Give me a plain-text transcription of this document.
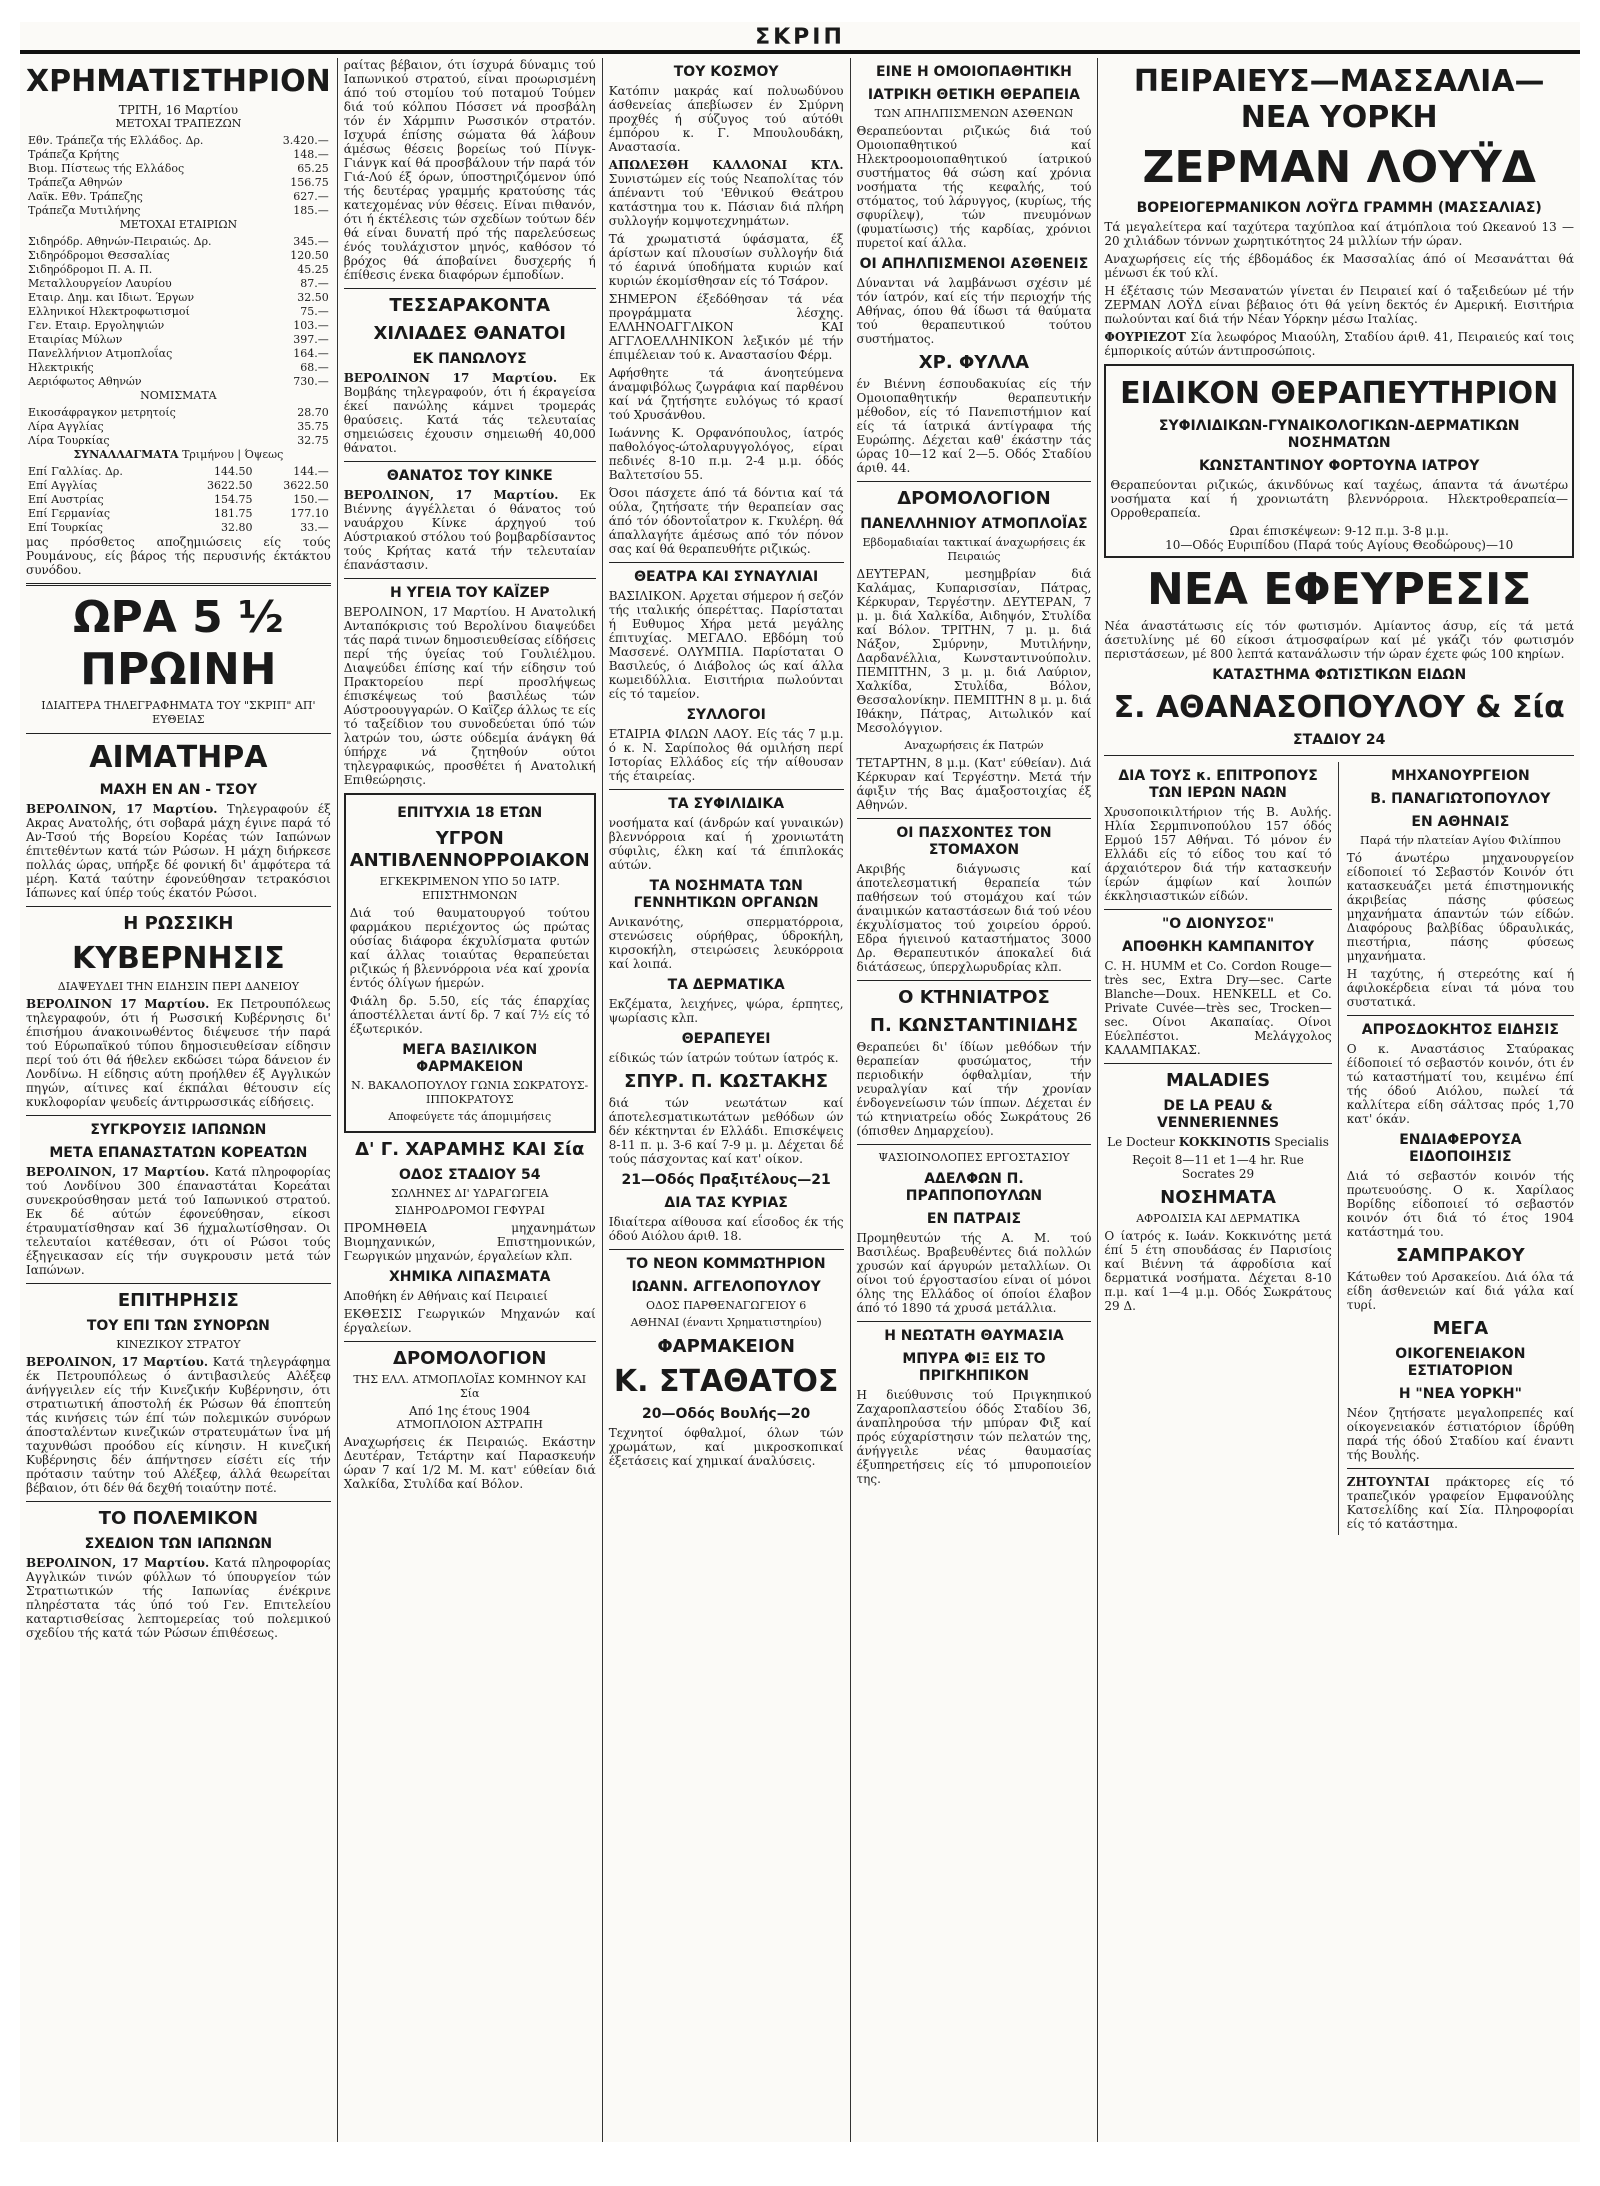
ΣΚΡΙΠ
ΧΡΗΜΑΤΙΣΤΗΡΙΟΝ
ΤΡΙΤΗ, 16 Μαρτίου
ΜΕΤΟΧΑΙ ΤΡΑΠΕΖΩΝ
Εθν. Τράπεζα τής Ελλάδος. Δρ.	3.420.—
Τράπεζα Κρήτης	148.—
Βιομ. Πίστεως τής Ελλάδος	65.25
Τράπεζα Αθηνών	156.75
Λαϊκ. Εθν. Τράπεζης	627.—
Τράπεζα Μυτιλήνης	185.—
ΜΕΤΟΧΑΙ ΕΤΑΙΡΙΩΝ
Σιδηρόδρ. Αθηνών-Πειραιώς. Δρ.	345.—
Σιδηρόδρομοι Θεσσαλίας	120.50
Σιδηρόδρομοι Π. Α. Π.	45.25
Μεταλλουργείον Λαυρίου	87.—
Εταιρ. Δημ. και Ιδιωτ. Έργων	32.50
Ελληνικοί Ηλεκτροφωτισμοί	75.—
Γεν. Εταιρ. Εργοληψιών	103.—
Εταιρίας Μύλων	397.—
Πανελλήνιον Ατμοπλοΐας	164.—
Ηλεκτρικής	68.—
Αεριόφωτος Αθηνών	730.—
ΝΟΜΙΣΜΑΤΑ
Εικοσάφραγκον μετρητοίς	28.70
Λίρα Αγγλίας	35.75
Λίρα Τουρκίας	32.75
ΣΥΝΑΛΛΑΓΜΑΤΑ Τριμήνου | Όψεως
Επί Γαλλίας. Δρ.	144.50	144.—
Επί Αγγλίας	3622.50	3622.50
Επί Αυστρίας	154.75	150.—
Επί Γερμανίας	181.75	177.10
Επί Τουρκίας	32.80	33.—

μας πρόσθετος αποζημιώσεις είς τούς Ρουμάνους, είς βάρος τής περυσινής έκτάκτου συνόδου.

ΩΡΑ 5 ½ ΠΡΩΙΝΗ
ΙΔΙΑΙΤΕΡΑ ΤΗΛΕΓΡΑΦΗΜΑΤΑ ΤΟΥ "ΣΚΡΙΠ" ΑΠ' ΕΥΘΕΙΑΣ
ΑΙΜΑΤΗΡΑ
ΜΑΧΗ ΕΝ ΑΝ - ΤΣΟΥ

ΒΕΡΟΛΙΝΟΝ, 17 Μαρτίου. Τηλεγραφούν έξ Ακρας Ανατολής, ότι σοβαρά μάχη έγινε παρά τό Αν-Τσού τής Βορείου Κορέας τών Ιαπώνων έπιτεθέντων κατά τών Ρώσων. Η μάχη διήρκεσε πολλάς ώρας, υπήρξε δέ φονική δι' άμφότερα τά μέρη. Κατά ταύτην έφονεύθησαν τετρακόσιοι Ιάπωνες καί ύπέρ τούς έκατόν Ρώσοι.

Η ΡΩΣΣΙΚΗ
ΚΥΒΕΡΝΗΣΙΣ
ΔΙΑΨΕΥΔΕΙ ΤΗΝ ΕΙΔΗΣΙΝ ΠΕΡΙ ΔΑΝΕΙΟΥ

ΒΕΡΟΛΙΝΟΝ 17 Μαρτίου. Εκ Πετρουπόλεως τηλεγραφούν, ότι ή Ρωσσική Κυβέρνησις δι' έπισήμου άνακοινωθέντος διέψευσε τήν παρά τού Εύρωπαϊκού τύπου δημοσιευθείσαν είδησιν περί τού ότι θά ήθελεν εκδώσει τώρα δάνειον έν Λονδίνω. Η είδησις αύτη προήλθεν έξ Αγγλικών πηγών, αίτινες καί έκπάλαι θέτουσιν είς κυκλοφορίαν ψευδείς άντιρρωσσικάς είδήσεις.

ΣΥΓΚΡΟΥΣΙΣ ΙΑΠΩΝΩΝ
ΜΕΤΑ ΕΠΑΝΑΣΤΑΤΩΝ ΚΟΡΕΑΤΩΝ

ΒΕΡΟΛΙΝΟΝ, 17 Μαρτίου. Κατά πληροφορίας τού Λονδίνου 300 έπαναστάται Κορεάται συνεκρούσθησαν μετά τού Ιαπωνικού στρατού. Εκ δέ αύτών έφονεύθησαν, είκοσι έτραυματίσθησαν καί 36 ήχμαλωτίσθησαν. Οι τελευταίοι κατέθεσαν, ότι οί Ρώσοι τούς έξηγεικασαν είς τήν συγκρουσιν μετά τών Ιαπώνων.

ΕΠΙΤΗΡΗΣΙΣ
ΤΟΥ ΕΠΙ ΤΩΝ ΣΥΝΟΡΩΝ
ΚΙΝΕΖΙΚΟΥ ΣΤΡΑΤΟΥ

ΒΕΡΟΛΙΝΟΝ, 17 Μαρτίου. Κατά τηλεγράφημα έκ Πετρουπόλεως ό άντιβασιλεύς Αλέξεφ άνήγγειλεν είς τήν Κινεζικήν Κυβέρνησιν, ότι στρατιωτική άποστολή έκ Ρώσων θά έποπτεύη τάς κινήσεις τών έπί τών πολεμικών συνόρων άποσταλέντων κινεζικών στρατευμάτων ΐνα μή ταχυνθώσι προόδου είς κίνησιν. Η κινεζική Κυβέρνησις δέν άπήντησεν είσέτι είς τήν πρότασιν ταύτην τού Αλέξεφ, άλλά θεωρείται βέβαιον, ότι δέν θά δεχθή τοιαύτην ποτέ.

ΤΟ ΠΟΛΕΜΙΚΟΝ
ΣΧΕΔΙΟΝ ΤΩΝ ΙΑΠΩΝΩΝ

ΒΕΡΟΛΙΝΟΝ, 17 Μαρτίου. Κατά πληροφορίας Αγγλικών τινών φύλλων τό ύπουργείον τών Στρατιωτικών τής Ιαπωνίας ένέκρινε πληρέστατα τάς ύπό τού Γεν. Επιτελείου καταρτισθείσας λεπτομερείας τού πολεμικού σχεδίου τής κατά τών Ρώσων έπιθέσεως.

ραίτας βέβαιον, ότι ίσχυρά δύναμις τού Ιαπωνικού στρατού, είναι προωρισμένη άπό τού στομίου τού ποταμού Τούμεν διά τού κόλπου Πόσσετ νά προσβάλη τόν έν Χάρμπιν Ρωσσικόν στρατόν. Ισχυρά έπίσης σώματα θά λάβουν άμέσως θέσεις βορείως τού Πίνγκ-Γιάνγκ καί θά προσβάλουν τήν παρά τόν Γιά-Λού έξ όρων, ύποστηριζόμενον ύπό τής δευτέρας γραμμής κρατούσης τάς κατεχομένας νύν θέσεις. Είναι πιθανόν, ότι ή έκτέλεσις τών σχεδίων τούτων δέν θά είναι δυνατή πρό τής παρελεύσεως ένός τουλάχιστον μηνός, καθόσον τό βρόχος θά άποβαίνει δυσχερής ή έπίθεσις ένεκα διαφόρων έμποδίων.

ΤΕΣΣΑΡΑΚΟΝΤΑ
ΧΙΛΙΑΔΕΣ ΘΑΝΑΤΟΙ
ΕΚ ΠΑΝΩΛΟΥΣ

ΒΕΡΟΛΙΝΟΝ 17 Μαρτίου. Εκ Βομβάης τηλεγραφούν, ότι ή έκραγείσα έκεί πανώλης κάμνει τρομεράς θραύσεις. Κατά τάς τελευταίας σημειώσεις έχουσιν σημειωθή 40,000 θάνατοι.

ΘΑΝΑΤΟΣ ΤΟΥ ΚΙΝΚΕ

ΒΕΡΟΛΙΝΟΝ, 17 Μαρτίου. Εκ Βιέννης άγγέλλεται ό θάνατος τού ναυάρχου Κίνκε άρχηγού τού Αύστριακού στόλου τού βομβαρδίσαντος τούς Κρήτας κατά τήν τελευταίαν έπανάστασιν.

Η ΥΓΕΙΑ ΤΟΥ ΚΑΪΖΕΡ

ΒΕΡΟΛΙΝΟΝ, 17 Μαρτίου. Η Ανατολική Ανταπόκρισις τού Βερολίνου διαψεύδει τάς παρά τινων δημοσιευθείσας είδήσεις περί τής ύγείας τού Γουλιέλμου. Διαψεύδει έπίσης καί τήν είδησιν τού Πρακτορείου περί προσλήψεως έπισκέψεως τού βασιλέως τών Αύστροουγγαρών. Ο Καϊζερ άλλως τε είς τό ταξείδιον του συνοδεύεται ύπό τών λατρών του, ώστε ούδεμία άνάγκη θά ύπήρχε νά ζητηθούν ούτοι τηλεγραφικώς, προσθέτει ή Ανατολική Επιθεώρησις.

ΕΠΙΤΥΧΙΑ 18 ΕΤΩΝ
ΥΓΡΟΝ ΑΝΤΙΒΛΕΝΝΟΡΡΟΙΑΚΟΝ
ΕΓΚΕΚΡΙΜΕΝΟΝ ΥΠΟ 50 ΙΑΤΡ. ΕΠΙΣΤΗΜΟΝΩΝ

Διά τού θαυματουργού τούτου φαρμάκου περιέχοντος ώς πρώτας ούσίας διάφορα έκχυλίσματα φυτών καί άλλας τοιαύτας θεραπεύεται ριζικώς ή βλεννόρροια νέα καί χρονία έντός όλίγων ήμερών.

Φιάλη δρ. 5.50, είς τάς έπαρχίας άποστέλλεται άντί δρ. 7 καί 7½ είς τό έξωτερικόν.

ΜΕΓΑ ΒΑΣΙΛΙΚΟΝ ΦΑΡΜΑΚΕΙΟΝ
Ν. ΒΑΚΑΛΟΠΟΥΛΟΥ ΓΩΝΙΑ ΣΩΚΡΑΤΟΥΣ-ΙΠΠΟΚΡΑΤΟΥΣ
Αποφεύγετε τάς άπομιμήσεις
Δ' Γ. ΧΑΡΑΜΗΣ ΚΑΙ Σία
ΟΔΟΣ ΣΤΑΔΙΟΥ 54
ΣΩΛΗΝΕΣ ΔΙ' ΥΔΡΑΓΩΓΕΙΑ
ΣΙΔΗΡΟΔΡΟΜΟΙ ΓΕΦΥΡΑΙ

ΠΡΟΜΗΘΕΙΑ μηχανημάτων Βιομηχανικών, Επιστημονικών, Γεωργικών μηχανών, έργαλείων κλπ.

ΧΗΜΙΚΑ ΛΙΠΑΣΜΑΤΑ

Αποθήκη έν Αθήναις καί Πειραιεί

ΕΚΘΕΣΙΣ Γεωργικών Μηχανών καί έργαλείων.

ΔΡΟΜΟΛΟΓΙΟΝ
ΤΗΣ ΕΛΛ. ΑΤΜΟΠΛΟΪΑΣ ΚΟΜΗΝΟΥ ΚΑΙ Σία
Από 1ης έτους 1904
ΑΤΜΟΠΛΟΙΟΝ ΑΣΤΡΑΠΗ

Αναχωρήσεις έκ Πειραιώς. Εκάστην Δευτέραν, Τετάρτην καί Παρασκευήν ώραν 7 καί 1/2 Μ. Μ. κατ' εύθείαν διά Χαλκίδα, Στυλίδα καί Βόλον.

ΤΟΥ ΚΟΣΜΟΥ

Κατόπιν μακράς καί πολυωδύνου άσθενείας άπεβίωσεν έν Σμύρνη προχθές ή σύζυγος τού αύτόθι έμπόρου κ. Γ. Μπουλουδάκη, Αναστασία.

ΑΠΩΛΕΣΘΗ ΚΑΛΛΟΝΑΙ ΚΤΛ. Συνιστώμεν είς τούς Νεαπολίτας τόν άπέναντι τού 'Εθνικού Θεάτρου κατάστημα του κ. Πάσιαν διά πλήρη συλλογήν κομψοτεχνημάτων.

Τά χρωματιστά ύφάσματα, έξ άρίστων καί πλουσίων συλλογήν διά τό έαρινά ύποδήματα κυριών καί κυριών έκομίσθησαν είς τό Τσάρον.

ΣΗΜΕΡΟΝ έξεδόθησαν τά νέα προγράμματα λέσχης. ΕΛΛΗΝΟΑΓΓΛΙΚΟΝ ΚΑΙ ΑΓΓΛΟΕΛΛΗΝΙΚΟΝ λεξικόν μέ τήν έπιμέλειαν τού κ. Αναστασίου Φέρμ.

Αφήσθητε τά άνοητεύμενα άναμφιβόλως ζωγράφια καί παρθένου καί νά ζητήσητε ευλόγως τό κρασί τού Χρυσάνθου.

Ιωάννης Κ. Ορφανόπουλος, ίατρός παθολόγος-ώτολαρυγγολόγος, είραι πεδινές 8-10 π.μ. 2-4 μ.μ. όδός Βαλτετσίου 55.

Όσοι πάσχετε άπό τά δόντια καί τά ούλα, ζητήσατε τήν θεραπείαν σας άπό τόν όδοντοΐατρον κ. Γκυλέρη. θά άπαλλαγήτε άμέσως από τόν πόνον σας καί θά θεραπευθήτε ριζικώς.

ΘΕΑΤΡΑ ΚΑΙ ΣΥΝΑΥΛΙΑΙ

ΒΑΣΙΛΙΚΟΝ. Αρχεται σήμερον ή σεζόν τής ιταλικής όπερέττας. Παρίσταται ή Ευθυμος Χήρα μετά μεγάλης έπιτυχίας. ΜΕΓΑΛΟ. Εβδόμη τού Μασσενέ. ΟΛΥΜΠΙΑ. Παρίσταται Ο Βασιλεύς, ό Διάβολος ώς καί άλλα κωμειδύλλια. Εισιτήρια πωλούνται είς τό ταμείον.

ΣΥΛΛΟΓΟΙ

ΕΤΑΙΡΙΑ ΦΙΛΩΝ ΛΑΟΥ. Είς τάς 7 μ.μ. ό κ. Ν. Σαρίπολος θά ομιλήση περί Ιστορίας Ελλάδος είς τήν αίθουσαν τής έταιρείας.

ΤΑ ΣΥΦΙΛΙΔΙΚΑ

νοσήματα καί (άνδρών καί γυναικών) βλεννόρροια καί ή χρονιωτάτη σύφιλις, έλκη καί τά έπιπλοκάς αύτών.

ΤΑ ΝΟΣΗΜΑΤΑ ΤΩΝ ΓΕΝΝΗΤΙΚΩΝ ΟΡΓΑΝΩΝ

Ανικανότης, σπερματόρροια, στενώσεις ούρήθρας, ύδροκήλη, κιρσοκήλη, στειρώσεις λευκόρροια καί λοιπά.

ΤΑ ΔΕΡΜΑΤΙΚΑ

Εκζέματα, λειχήνες, ψώρα, έρπητες, ψωρίασις κλπ.

ΘΕΡΑΠΕΥΕΙ

είδικώς τών ίατρών τούτων ίατρός κ.

ΣΠΥΡ. Π. ΚΩΣΤΑΚΗΣ

διά τών νεωτάτων καί άποτελεσματικωτάτων μεθόδων ών δέν κέκτηνται έν Ελλάδι. Επισκέψεις 8-11 π. μ. 3-6 καί 7-9 μ. μ. Δέχεται δέ τούς πάσχοντας καί κατ' οίκον.

21—Οδός Πραξιτέλους—21
ΔΙΑ ΤΑΣ ΚΥΡΙΑΣ

Ιδιαίτερα αίθουσα καί εΐσοδος έκ τής όδού Αιόλου άριθ. 18.

ΤΟ ΝΕΟΝ ΚΟΜΜΩΤΗΡΙΟΝ
ΙΩΑΝΝ. ΑΓΓΕΛΟΠΟΥΛΟΥ
ΟΔΟΣ ΠΑΡΘΕΝΑΓΩΓΕΙΟΥ 6
ΑΘΗΝΑΙ (έναντι Χρηματιστηρίου)
ΦΑΡΜΑΚΕΙΟΝ
Κ. ΣΤΑΘΑΤΟΣ
20—Οδός Βουλής—20

Τεχνητοί όφθαλμοί, όλων τών χρωμάτων, καί μικροσκοπικαί έξετάσεις καί χημικαί άναλύσεις.

ΕΙΝΕ Η ΟΜΟΙΟΠΑΘΗΤΙΚΗ
ΙΑΤΡΙΚΗ ΘΕΤΙΚΗ ΘΕΡΑΠΕΙΑ
ΤΩΝ ΑΠΗΛΠΙΣΜΕΝΩΝ ΑΣΘΕΝΩΝ

Θεραπεύονται ριζικώς διά τού Ομοιοπαθητικού καί Ηλεκτροομοιοπαθητικού ίατρικού συστήματος θά σώση καί χρόνια νοσήματα τής κεφαλής, τού στόματος, τού λάρυγγος, (κυρίως, τής σφυρίλεψ), τών πνευμόνων (φυματίωσις) τής καρδίας, χρόνιοι πυρετοί καί άλλα.

ΟΙ ΑΠΗΛΠΙΣΜΕΝΟΙ ΑΣΘΕΝΕΙΣ

Δύνανται νά λαμβάνωσι σχέσιν μέ τόν ίατρόν, καί είς τήν περιοχήν τής Αθήνας, όπου θά ίδωσι τά θαύματα τού θεραπευτικού τούτου συστήματος.

ΧΡ. ΦΥΛΛΑ

έν Βιέννη έσπουδακυίας είς τήν Ομοιοπαθητικήν θεραπευτικήν μέθοδον, είς τό Πανεπιστήμιον καί είς τά ίατρικά άντίγραφα τής Ευρώπης. Δέχεται καθ' έκάστην τάς ώρας 10—12 καί 2—5. Οδός Σταδίου άριθ. 44.

ΔΡΟΜΟΛΟΓΙΟΝ
ΠΑΝΕΛΛΗΝΙΟΥ ΑΤΜΟΠΛΟΪΑΣ
Εβδομαδιαίαι τακτικαί άναχωρήσεις έκ Πειραιώς

ΔΕΥΤΕΡΑΝ, μεσημβρίαν διά Καλάμας, Κυπαρισσίαν, Πάτρας, Κέρκυραν, Τεργέστην. ΔΕΥΤΕΡΑΝ, 7 μ. μ. διά Χαλκίδα, Αιδηψόν, Στυλίδα καί Βόλον. ΤΡΙΤΗΝ, 7 μ. μ. διά Νάξον, Σμύρνην, Μυτιλήνην, Δαρδανέλλια, Κωνσταντινούπολιν. ΠΕΜΠΤΗΝ, 3 μ. μ. διά Λαύριον, Χαλκίδα, Στυλίδα, Βόλον, Θεσσαλονίκην. ΠΕΜΠΤΗΝ 8 μ. μ. διά Ιθάκην, Πάτρας, Αιτωλικόν καί Μεσολόγγιον.

Αναχωρήσεις έκ Πατρών

ΤΕΤΑΡΤΗΝ, 8 μ.μ. (Κατ' εύθείαν). Διά Κέρκυραν καί Τεργέστην. Μετά τήν άφιξιν τής Βας άμαξοστοιχίας έξ Αθηνών.

ΟΙ ΠΑΣΧΟΝΤΕΣ ΤΟΝ ΣΤΟΜΑΧΟΝ

Ακριβής διάγνωσις καί άποτελεσματική θεραπεία τών παθήσεων τού στομάχου καί τών άναιμικών καταστάσεων διά τού νέου έκχυλίσματος τού χοιρείου όρρού. Εδρα ήγιεινού καταστήματος 3000 Δρ. Θεραπευτικόν άποκαλεί διά διάτάσεως, ύπερχλωρυδρίας κλπ.

Ο ΚΤΗΝΙΑΤΡΟΣ
Π. ΚΩΝΣΤΑΝΤΙΝΙΔΗΣ

Θεραπεύει δι' ίδίων μεθόδων τήν θεραπείαν φυσώματος, τήν περιοδικήν όφθαλμίαν, τήν νευραλγίαν καί τήν χρονίαν ένδογενείωσιν τών ίππων. Δέχεται έν τώ κτηνιατρείω οδός Σωκράτους 26 (όπισθεν Δημαρχείου).

ΨΑΣΙΟΙΝΟΛΟΠΕΣ ΕΡΓΟΣΤΑΣΙΟΥ
ΑΔΕΛΦΩΝ Π. ΠΡΑΠΠΟΠΟΥΛΩΝ
ΕΝ ΠΑΤΡΑΙΣ

Προμηθευτών τής Α. Μ. τού Βασιλέως. Βραβευθέντες διά πολλών χρυσών καί άργυρών μεταλλίων. Οι οίνοι τού έργοστασίου είναι οί μόνοι όλης της Ελλάδος οί όποίοι έλαβον άπό τό 1890 τά χρυσά μετάλλια.

Η ΝΕΩΤΑΤΗ ΘΑΥΜΑΣΙΑ
ΜΠΥΡΑ ΦΙΞ ΕΙΣ ΤΟ ΠΡΙΓΚΗΠΙΚΟΝ

Η διεύθυνσις τού Πριγκηπικού Ζαχαροπλαστείου όδός Σταδίου 36, άναπληρούσα τήν μπύραν Φιξ καί πρός εύχαρίστησιν τών πελατών της, άνήγγειλε νέας θαυμασίας έξυπηρετήσεις είς τό μπυροποιείον της.

ΠΕΙΡΑΙΕΥΣ—ΜΑΣΣΑΛΙΑ—ΝΕΑ ΥΟΡΚΗ
ΖΕΡΜΑΝ ΛΟΥΫΔ
ΒΟΡΕΙΟΓΕΡΜΑΝΙΚΟΝ ΛΟΫΓΔ ΓΡΑΜΜΗ (ΜΑΣΣΑΛΙΑΣ)

Τά μεγαλείτερα καί ταχύτερα ταχύπλοα καί άτμόπλοια τού Ωκεανού 13 — 20 χιλιάδων τόννων χωρητικότητος 24 μιλλίων τήν ώραν.

Αναχωρήσεις είς τής έβδομάδος έκ Μασσαλίας άπό οί Μεσανάτται θά μένωσι έκ τού κλί.

Η έξέτασις τών Μεσανατών γίνεται έν Πειραιεί καί ό ταξειδεύων μέ τήν ΖΕΡΜΑΝ ΛΟΫΔ είναι βέβαιος ότι θά γείνη δεκτός έν Αμερική. Εισιτήρια πωλούνται καί διά τήν Νέαν Υόρκην μέσω Ιταλίας.

ΦΟΥΡΙΕΖΟΤ Σία λεωφόρος Μιαούλη, Σταδίου άριθ. 41, Πειραιεύς καί τοις έμπορικοίς αύτών άντιπροσώποις.

ΕΙΔΙΚΟΝ ΘΕΡΑΠΕΥΤΗΡΙΟΝ
ΣΥΦΙΛΙΔΙΚΩΝ-ΓΥΝΑΙΚΟΛΟΓΙΚΩΝ-ΔΕΡΜΑΤΙΚΩΝ ΝΟΣΗΜΑΤΩΝ
ΚΩΝΣΤΑΝΤΙΝΟΥ ΦΟΡΤΟΥΝΑ ΙΑΤΡΟΥ

Θεραπεύονται ριζικώς, άκινδύνως καί ταχέως, άπαντα τά άνωτέρω νοσήματα καί ή χρονιωτάτη βλεννόρροια. Ηλεκτροθεραπεία—Ορροθεραπεία.

Ωραι έπισκέψεων: 9-12 π.μ. 3-8 μ.μ.
10—Οδός Ευριπίδου (Παρά τούς Αγίους Θεοδώρους)—10
ΝΕΑ ΕΦΕΥΡΕΣΙΣ

Νέα άναστάτωσις είς τόν φωτισμόν. Αμίαντος άσυρ, είς τά μετά άσετυλίνης μέ 60 είκοσι άτμοσφαίρων καί μέ γκάζι τόν φωτισμόν περιστάσεων, μέ 800 λεπτά κατανάλωσιν τήν ώραν έχετε φώς 100 κηρίων.

ΚΑΤΑΣΤΗΜΑ ΦΩΤΙΣΤΙΚΩΝ ΕΙΔΩΝ
Σ. ΑΘΑΝΑΣΟΠΟΥΛΟΥ & Σία
ΣΤΑΔΙΟΥ 24
ΔΙΑ ΤΟΥΣ κ. ΕΠΙΤΡΟΠΟΥΣ ΤΩΝ ΙΕΡΩΝ ΝΑΩΝ

Χρυσοποικιλτήριον τής Β. Αυλής. Ηλία Σερμπινοπούλου 157 όδός Ερμού 157 Αθήναι. Τό μόνον έν Ελλάδι είς τό είδος του καί τό άρχαιότερον διά τήν κατασκευήν ίερών άμφίων καί λοιπών έκκλησιαστικών είδών.

"Ο ΔΙΟΝΥΣΟΣ"
ΑΠΟΘΗΚΗ ΚΑΜΠΑΝΙΤΟΥ

C. H. HUMM et Co. Cordon Rouge—très sec, Extra Dry—sec. Carte Blanche—Doux. HENKELL et Co. Private Cuvée—très sec, Trocken—sec. Οίνοι Ακαπαίας. Οίνοι Εύελπέστοι. Μελάγχολος ΚΑΛΑΜΠΑΚΑΣ.

MALADIES
DE LA PEAU & VENNERIENNES

Le Docteur KOKKINOTIS Specialis

Reçoit 8—11 et 1—4 hr. Rue Socrates 29
ΝΟΣΗΜΑΤΑ
ΑΦΡΟΔΙΣΙΑ ΚΑΙ ΔΕΡΜΑΤΙΚΑ

Ο ίατρός κ. Ιωάν. Κοκκινότης μετά έπί 5 έτη σπουδάσας έν Παρισίοις καί Βιέννη τά άφροδίσια καί δερματικά νοσήματα. Δέχεται 8-10 π.μ. καί 1—4 μ.μ. Οδός Σωκράτους 29 Δ.

ΜΗΧΑΝΟΥΡΓΕΙΟΝ
Β. ΠΑΝΑΓΙΩΤΟΠΟΥΛΟΥ
ΕΝ ΑΘΗΝΑΙΣ
Παρά τήν πλατείαν Αγίου Φιλίππου

Τό άνωτέρω μηχανουργείον είδοποιεί τό Σεβαστόν Κοινόν ότι κατασκευάζει μετά έπιστημονικής άκριβείας πάσης φύσεως μηχανήματα άπαντών τών είδών. Διαφόρους βαλβίδας ύδραυλικάς, πιεστήρια, πάσης φύσεως μηχανήματα.

Η ταχύτης, ή στερεότης καί ή άφιλοκέρδεια είναι τά μόνα του συστατικά.

ΑΠΡΟΣΔΟΚΗΤΟΣ ΕΙΔΗΣΙΣ

Ο κ. Αναστάσιος Σταύρακας έίδοποιεί τό σεβαστόν κοινόν, ότι έν τώ καταστήματί του, κειμένω έπί τής όδού Αιόλου, πωλεί τά καλλίτερα είδη σάλτσας πρός 1,70 κατ' όκάν.

ΕΝΔΙΑΦΕΡΟΥΣΑ ΕΙΔΟΠΟΙΗΣΙΣ

Διά τό σεβαστόν κοινόν τής πρωτευούσης. Ο κ. Χαρίλαος Βορίδης είδοποιεί τό σεβαστόν κοινόν ότι διά τό έτος 1904 κατάστημά του.

ΣΑΜΠΡΑΚΟΥ

Κάτωθεν τού Αρσακείου. Διά όλα τά είδη άσθενειών καί διά γάλα καί τυρί.

ΜΕΓΑ
ΟΙΚΟΓΕΝΕΙΑΚΟΝ ΕΣΤΙΑΤΟΡΙΟΝ
Η "ΝΕΑ ΥΟΡΚΗ"

Νέον ζητήσατε μεγαλοπρεπές καί οίκογενειακόν έστιατόριον ίδρύθη παρά τής όδού Σταδίου καί έναντι τής Βουλής.

ΖΗΤΟΥΝΤΑΙ πράκτορες είς τό τραπεζικόν γραφείον Εμφανούλης Κατσελίδης καί Σία. Πληροφορίαι είς τό κατάστημα.
